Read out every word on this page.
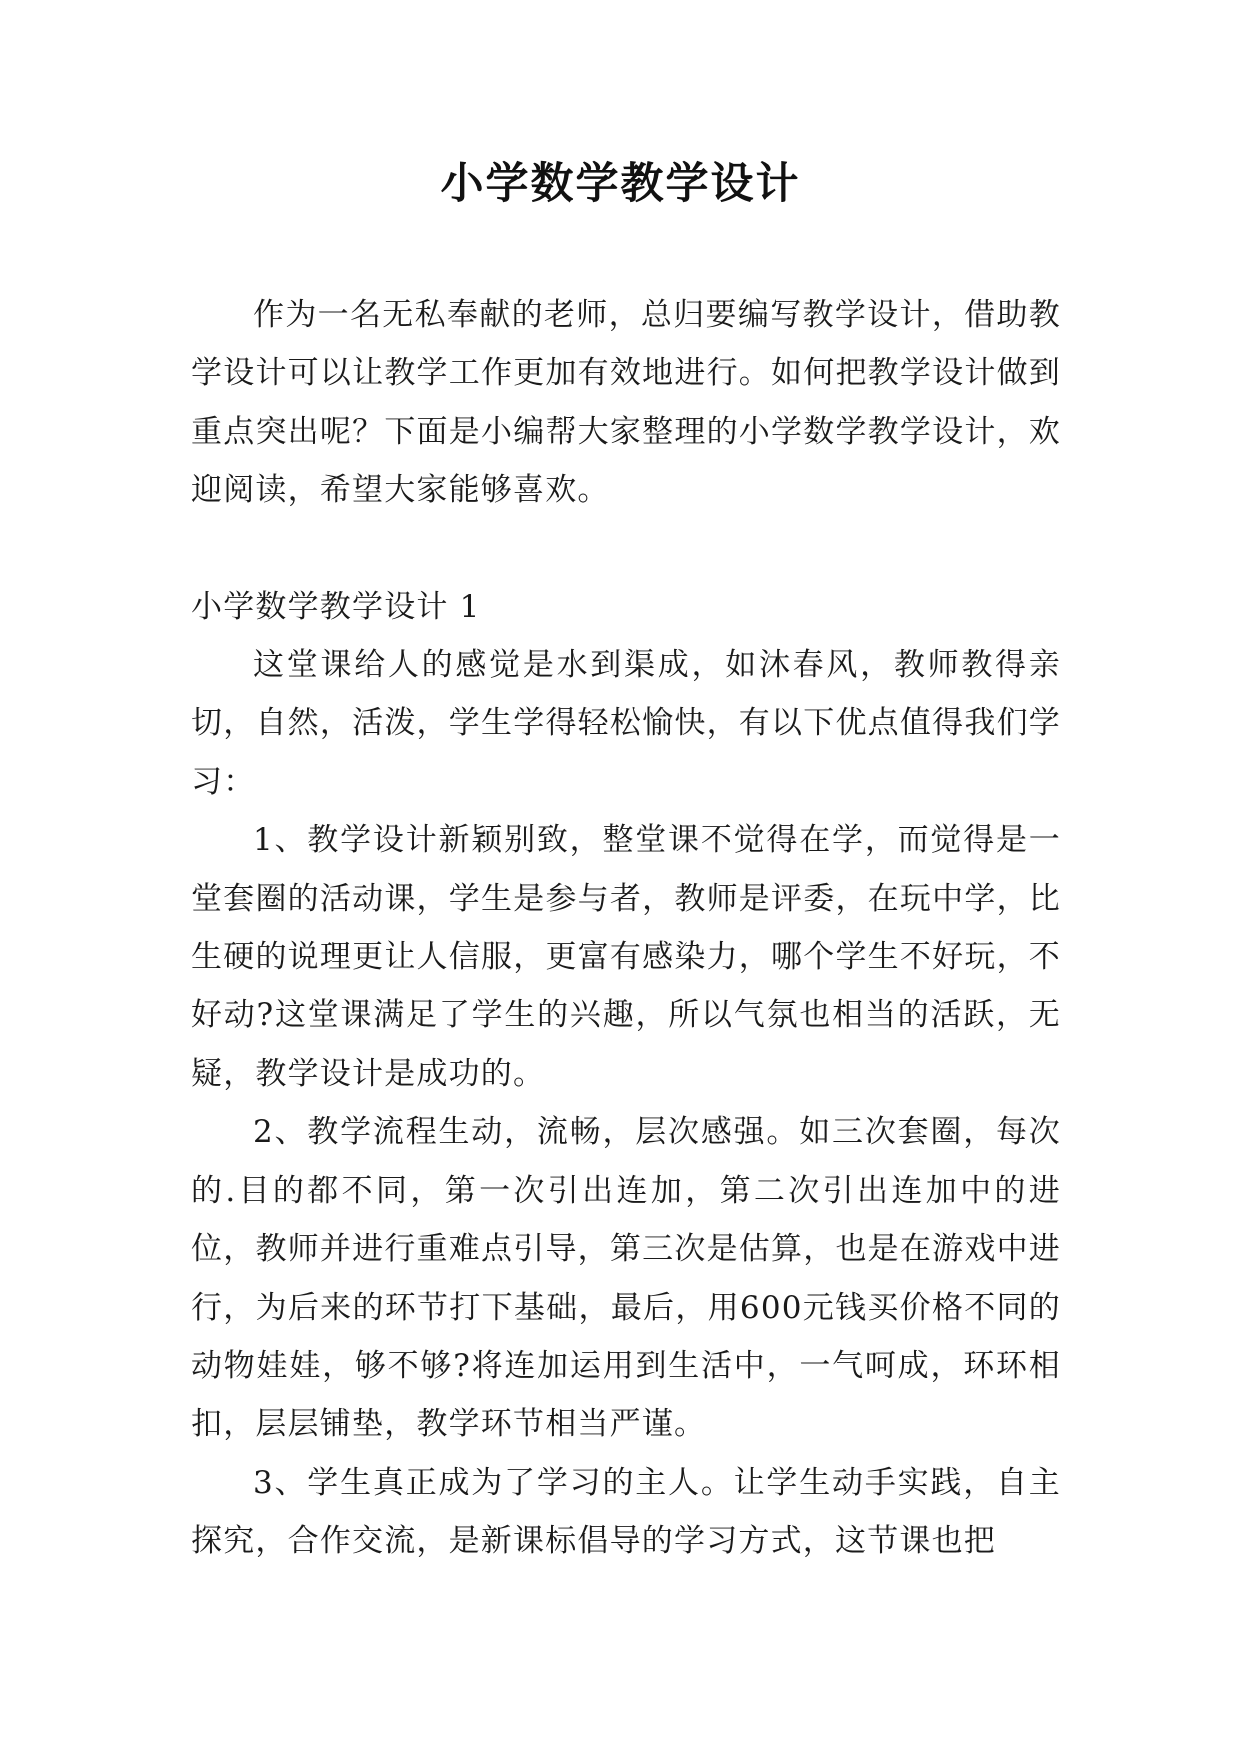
小学数学教学设计

作为一名无私奉献的老师，总归要编写教学设计，借助教学设计可以让教学工作更加有效地进行。如何把教学设计做到重点突出呢？下面是小编帮大家整理的小学数学教学设计，欢迎阅读，希望大家能够喜欢。

小学数学教学设计 1

这堂课给人的感觉是水到渠成，如沐春风，教师教得亲切，自然，活泼，学生学得轻松愉快，有以下优点值得我们学习：

1、教学设计新颖别致，整堂课不觉得在学，而觉得是一堂套圈的活动课，学生是参与者，教师是评委，在玩中学，比生硬的说理更让人信服，更富有感染力，哪个学生不好玩，不好动?这堂课满足了学生的兴趣，所以气氛也相当的活跃，无疑，教学设计是成功的。

2、教学流程生动，流畅，层次感强。如三次套圈，每次的.目的都不同，第一次引出连加，第二次引出连加中的进位，教师并进行重难点引导，第三次是估算，也是在游戏中进行，为后来的环节打下基础，最后，用600元钱买价格不同的动物娃娃，够不够?将连加运用到生活中，一气呵成，环环相扣，层层铺垫，教学环节相当严谨。

3、学生真正成为了学习的主人。让学生动手实践，自主探究，合作交流，是新课标倡导的学习方式，这节课也把
